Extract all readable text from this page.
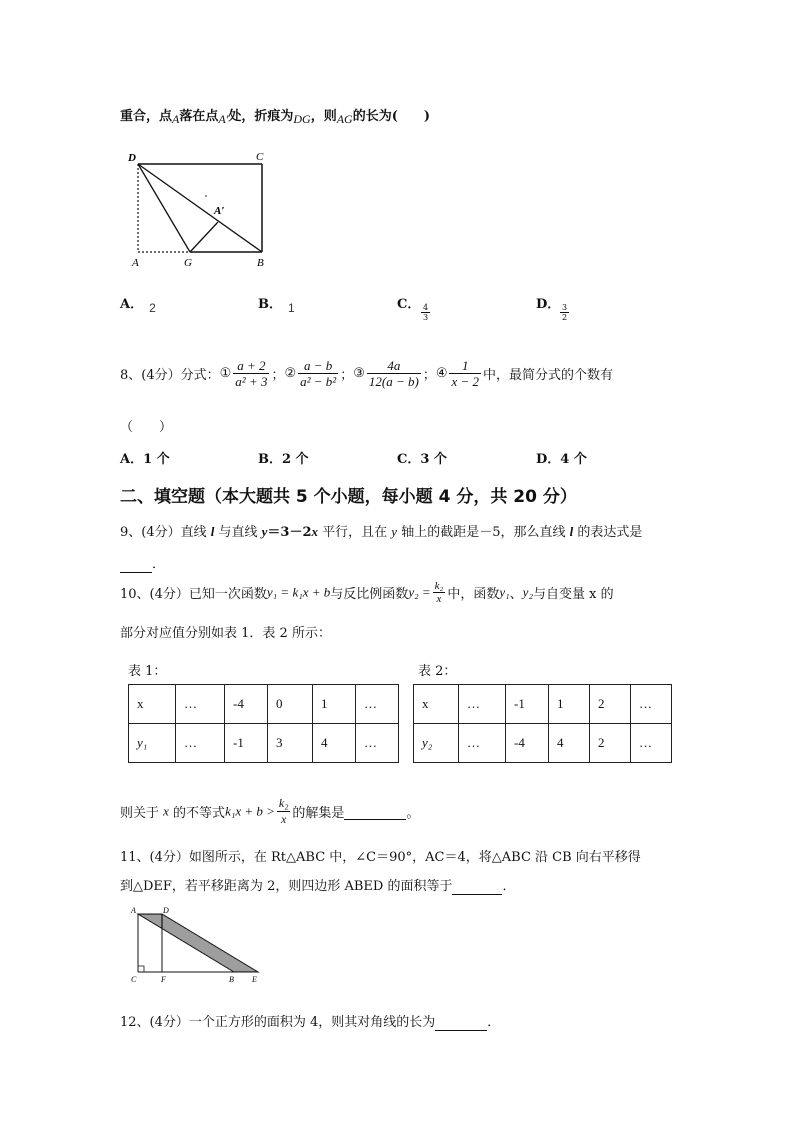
重合，点A落在点A′处，折痕为DG，则AG的长为(　　)
D	C
A′
A	G	B
A． 2	B． 1	C． $\frac{4}{3}$	D． $\frac{3}{2}$
8、(4分）分式：① $\frac{a + 2}{\text{a² + 3}}$ ；② $\frac{a - b}{\text{a² − b²}}$ ；③ $\frac{4a}{12(a - b)}$ ；④ $\frac{1}{x - 2}$ 中，最简分式的个数有
（　　）
A．1 个	B．2 个	C．3 个	D．4 个
二、填空题（本大题共 5 个小题，每小题 4 分，共 20 分）
9、(4分）直线 l 与直线 y＝3－2x 平行，且在 y 轴上的截距是－5，那么直线 l 的表达式是
．
10、(4分）已知一次函数y₁ = k₁x + b与反比例函数$y_2 = \frac{\text{k₂}}{x}$ 中，函数y₁、y₂与自变量 x 的
部分对应值分别如表 1．表 2 所示：
表 1：
x	…	-4	0	1	…
y₁	…	-1	3	4	…
表 2：
x	…	-1	1	2	…
y₂	…	-4	4	2	…
则关于 x 的不等式$k_1x + b > \frac{\text{k₂}}{x}$ 的解集是	。
11、(4分）如图所示，在 Rt△ABC 中，∠C＝90°，AC＝4，将△ABC 沿 CB 向右平移得
到△DEF，若平移距离为 2，则四边形 ABED 的面积等于	．
A	D
C	F	B E
12、(4分）一个正方形的面积为 4，则其对角线的长为	．
